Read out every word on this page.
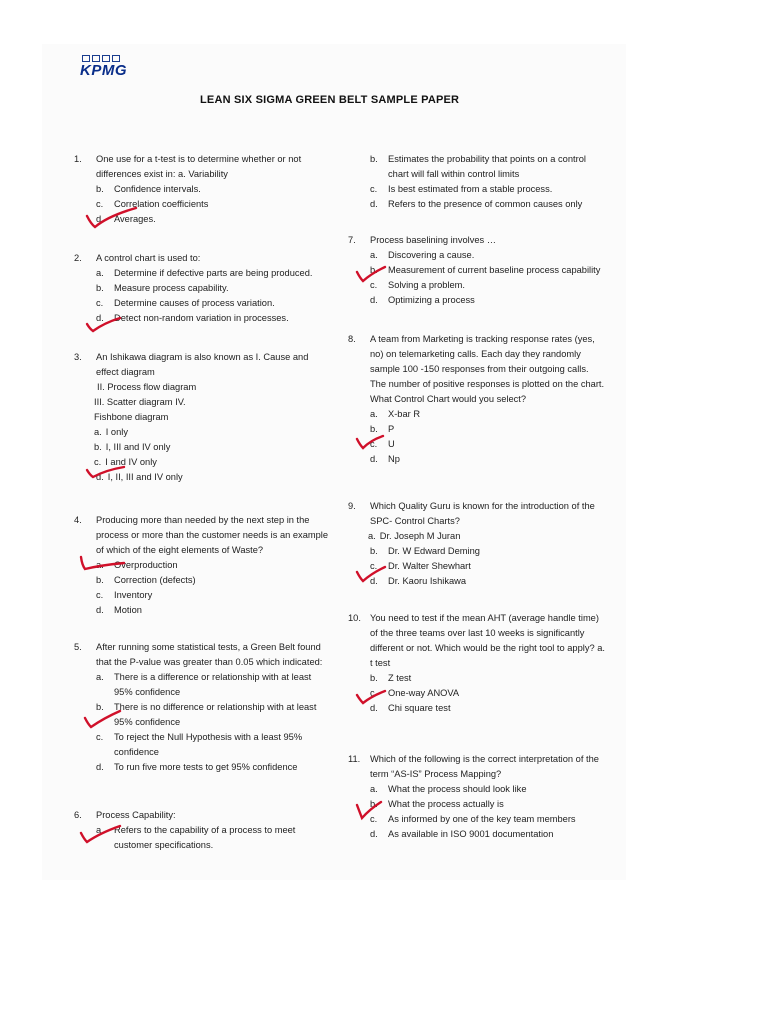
KPMG
LEAN SIX SIGMA GREEN BELT SAMPLE PAPER
1.	One use for a t-test is to determine whether or not differences exist in: a. Variability
b.	Confidence intervals.
c.	Correlation coefficients
d.	Averages.
2.	A control chart is used to:
a.	Determine if defective parts are being produced.
b.	Measure process capability.
c.	Determine causes of process variation.
d.	Detect non-random variation in processes.
3.	An Ishikawa diagram is also known as I. Cause and effect diagram
II. Process flow diagram
III. Scatter diagram IV.
Fishbone diagram
a. I only
b. I, III and IV only
c. I and IV only
d. I, II, III and IV only
4.	Producing more than needed by the next step in the process or more than the customer needs is an example of which of the eight elements of Waste?
a.	Overproduction
b.	Correction (defects)
c.	Inventory
d.	Motion
5.	After running some statistical tests, a Green Belt found that the P-value was greater than 0.05 which indicated:
a.	There is a difference or relationship with at least 95% confidence
b.	There is no difference or relationship with at least 95% confidence
c.	To reject the Null Hypothesis with a least 95% confidence
d.	To run five more tests to get 95% confidence
6.	Process Capability:
a.	Refers to the capability of a process to meet customer specifications.
b.	Estimates the probability that points on a control chart will fall within control limits
c.	Is best estimated from a stable process.
d.	Refers to the presence of common causes only
7.	Process baselining involves …
a.	Discovering a cause.
b.	Measurement of current baseline process capability
c.	Solving a problem.
d.	Optimizing a process
8.	A team from Marketing is tracking response rates (yes, no) on telemarketing calls. Each day they randomly sample 100 -150 responses from their outgoing calls. The number of positive responses is plotted on the chart. What Control Chart would you select?
a.	X-bar R
b.	P
c.	U
d.	Np
9.	Which Quality Guru is known for the introduction of the SPC- Control Charts?
a. Dr. Joseph M Juran
b.	Dr. W Edward Deming
c.	Dr. Walter Shewhart
d.	Dr. Kaoru Ishikawa
10. You need to test if the mean AHT (average handle time) of the three teams over last 10 weeks is significantly different or not. Which would be the right tool to apply? a. t test
b.	Z test
c.	One-way ANOVA
d.	Chi square test
11.	Which of the following is the correct interpretation of the term “AS-IS” Process Mapping?
a.	What the process should look like
b.	What the process actually is
c.	As informed by one of the key team members
d.	As available in ISO 9001 documentation
